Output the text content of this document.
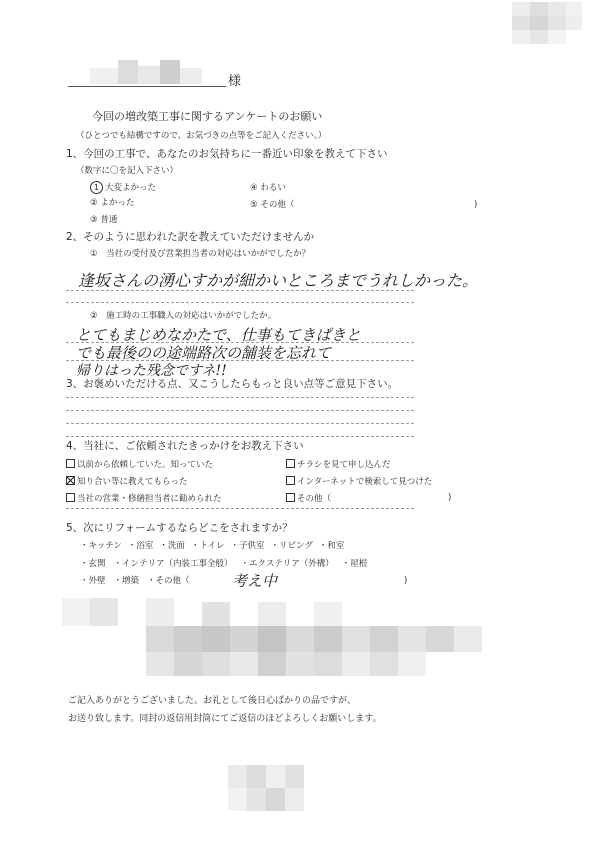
様
今回の増改築工事に関するアンケートのお願い
（ひとつでも結構ですので、お気づきの点等をご記入ください。）
1、今回の工事で、あなたのお気持ちに一番近い印象を教えて下さい
（数字に〇を記入下さい）
1 大変よかった
② よかった
③ 普通
④ わるい
⑤ その他（	)
2、そのように思われた訳を教えていただけませんか
①　当社の受付及び営業担当者の対応はいかがでしたか？
逢坂さんの湧心すかが細かいところまでうれしかった。
②　施工時の工事職人の対応はいかがでしたか。
とてもまじめなかたで、仕事もてきぱきと
でも最後のの途端路次の舗装を忘れて
帰りはった残念ですネ!!
3、お褒めいただける点、又こうしたらもっと良い点等ご意見下さい。
4、当社に、ご依頼されたきっかけをお教え下さい
以前から依頼していた。知っていた
知り合い等に教えてもらった
当社の営業・修繕担当者に勧められた
チラシを見て申し込んだ
インターネットで検索して見つけた
その他（	)
5、次にリフォームするならどこをされますか？
・キッチン ・浴室 ・洗面 ・トイレ ・子供室 ・リビング ・和室
・玄関 ・インテリア（内装工事全般） ・エクステリア（外構） ・屋根
・外壁 ・増築 ・その他（	考え中	)
ご記入ありがとうございました。お礼として後日心ばかりの品ですが、
お送り致します。同封の返信用封筒にてご返信のほどよろしくお願いします。
